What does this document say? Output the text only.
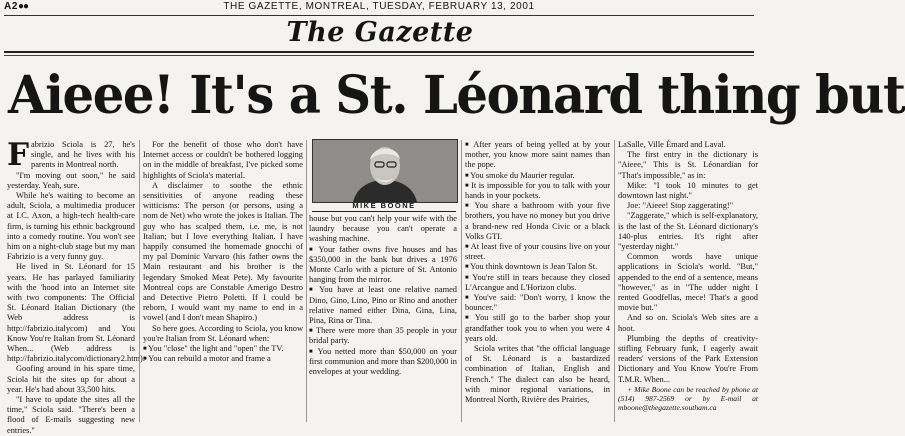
A2●●	THE GAZETTE, MONTREAL, TUESDAY, FEBRUARY 13, 2001
The Gazette
Aieee! It's a St. Léonard thing but

Fabrizio Sciola is 27, he's single, and he lives with his parents in Montreal north.

"I'm moving out soon," he said yesterday. Yeah, sure.

While he's waiting to become an adult, Sciola, a multimedia producer at I.C. Axon, a high-tech health-care firm, is turning his ethnic background into a comedy routine. You won't see him on a night-club stage but my man Fabrizio is a very funny guy.

He lived in St. Léonard for 15 years. He has parlayed familiarity with the 'hood into an Internet site with two components: The Official St. Léonard Italian Dictionary (the Web address is http://fabrizio.italycom) and You Know You're Italian from St. Léonard When... (Web address is http://fabrizio.italycom/dictionary2.htm).

Goofing around in his spare time, Sciola hit the sites up for about a year. He's had about 33,500 hits.

"I have to update the sites all the time," Sciola said. "There's been a flood of E-mails suggesting new entries."

For the benefit of those who don't have Internet access or couldn't be bothered logging on in the middle of breakfast, I've picked some highlights of Sciola's material.

A disclaimer to soothe the ethnic sensitivities of anyone reading these witticisms: The person (or persons, using a nom de Net) who wrote the jokes is Italian. The guy who has scalped them, i.e. me, is not Italian; but I love everything Italian. I have happily consumed the homemade gnocchi of my pal Dominic Varvaro (his father owns the Main restaurant and his brother is the legendary Smoked Meat Pete). My favourite Montreal cops are Constable Amerigo Destro and Detective Pietro Poletti. If I could be reborn, I would want my name to end in a vowel (and I don't mean Shapiro.)

So here goes. According to Sciola, you know you're Italian from St. Léonard when:

■ You "close" the light and "open" the TV.

■ You can rebuild a motor and frame a

MIKE BOONE

house but you can't help your wife with the laundry because you can't operate a washing machine.

■ Your father owns five houses and has $350,000 in the bank but drives a 1976 Monte Carlo with a picture of St. Antonio hanging from the mirror.

■ You have at least one relative named Dino, Gino, Lino, Pino or Rino and another relative named either Dina, Gina, Lina, Pina, Rina or Tina.

■ There were more than 35 people in your bridal party.

■ You netted more than $50,000 on your first communion and more than $200,000 in envelopes at your wedding.

■ After years of being yelled at by your mother, you know more saint names than the pope.

■ You smoke du Maurier regular.

■ It is impossible for you to talk with your hands in your pockets.

■ You share a bathroom with your five brothers, you have no money but you drive a brand-new red Honda Civic or a black Volks GTI.

■ At least five of your cousins live on your street.

■ You think downtown is Jean Talon St.

■ You're still in tears because they closed L'Arcangue and L'Horizon clubs.

■ You've said: "Don't worry, I know the bouncer."

■ You still go to the barber shop your grandfather took you to when you were 4 years old.

Sciola writes that "the official language of St. Léonard is a bastardized combination of Italian, English and French." The dialect can also be heard, with minor regional variations, in Montreal North, Rivière des Prairies,

LaSalle, Ville Émard and Laval.

The first entry in the dictionary is "Aieee," This is St. Léonardian for "That's impossible," as in:

Mike: "I took 10 minutes to get downtown last night."

Joe: "Aieee! Stop zaggerating!"

"Zaggerate," which is self-explanatory, is the last of the St. Léonard dictionary's 140-plus entries. It's right after "yesterday night."

Common words have unique applications in Sciola's world. "But," appended to the end of a sentence, means "however," as in "The udder night I rented Goodfellas, mece! That's a good movie but."

And so on. Sciola's Web sites are a hoot.

Plumbing the depths of creativity-stifling February funk, I eagerly await readers' versions of the Park Extension Dictionary and You Know You're From T.M.R. When...

+ Mike Boone can be reached by phone at (514) 987-2569 or by E-mail at mboone@thegazette.southam.ca
